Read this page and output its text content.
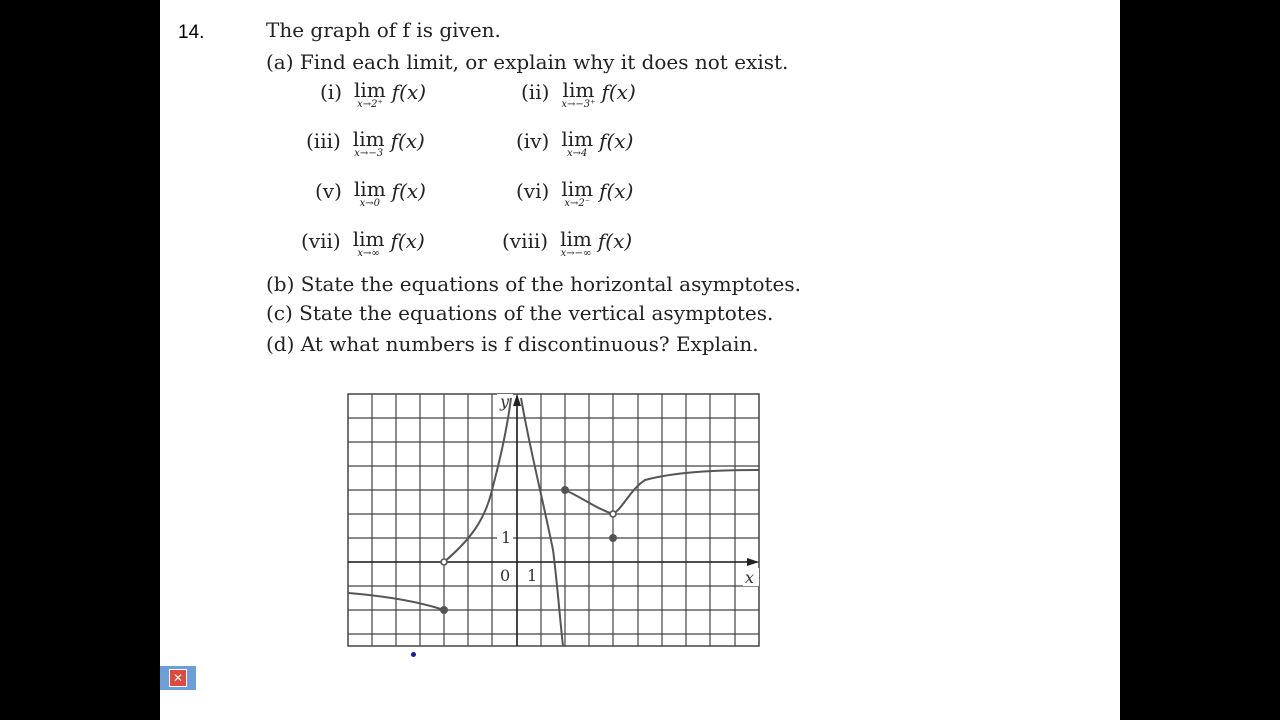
14.	The graph of f is given.
(a) Find each limit, or explain why it does not exist.
(i) lim
x→2⁺
f(x)	(ii) lim
x→−3⁺
f(x)
(iii) lim
x→−3
f(x)	(iv) lim
x→4
f(x)
(v) lim
x→0
f(x)	(vi) lim
x→2⁻
f(x)
(vii) lim
x→∞
f(x)	(viii) lim
x→−∞
f(x)
(b) State the equations of the horizontal asymptotes.
(c) State the equations of the vertical asymptotes.
(d) At what numbers is f discontinuous? Explain.
y
x
0 1
1
✕
